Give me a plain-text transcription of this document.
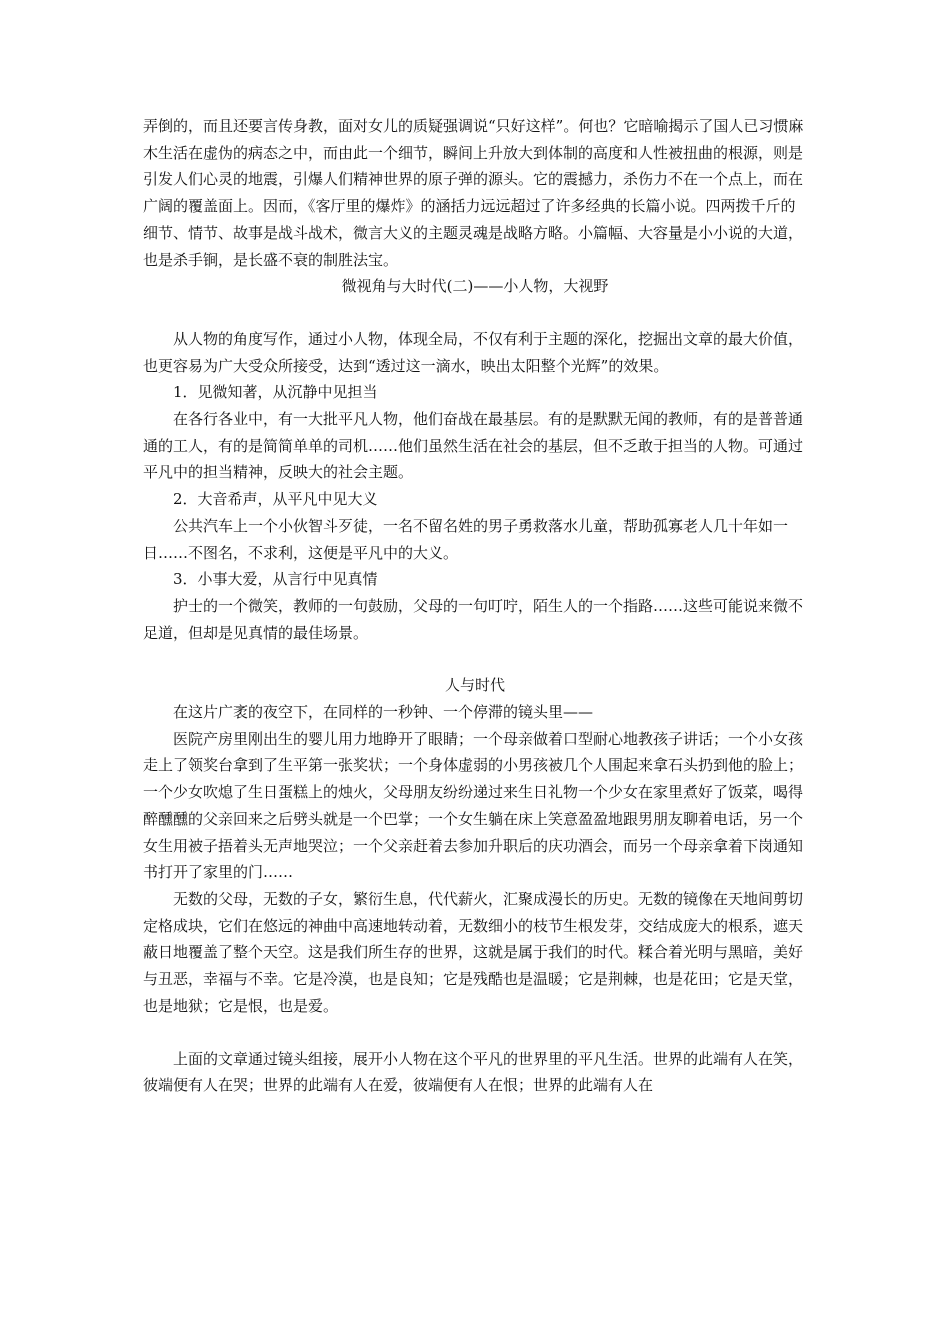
弄倒的，而且还要言传身教，面对女儿的质疑强调说“只好这样”。何也？它暗喻揭示了国人已习惯麻木生活在虚伪的病态之中，而由此一个细节，瞬间上升放大到体制的高度和人性被扭曲的根源，则是引发人们心灵的地震，引爆人们精神世界的原子弹的源头。它的震撼力，杀伤力不在一个点上，而在广阔的覆盖面上。因而，《客厅里的爆炸》的涵括力远远超过了许多经典的长篇小说。四两拨千斤的细节、情节、故事是战斗战术，微言大义的主题灵魂是战略方略。小篇幅、大容量是小小说的大道，也是杀手锏，是长盛不衰的制胜法宝。

微视角与大时代(二)——小人物，大视野

从人物的角度写作，通过小人物，体现全局，不仅有利于主题的深化，挖掘出文章的最大价值，也更容易为广大受众所接受，达到“透过这一滴水，映出太阳整个光辉”的效果。

1．见微知著，从沉静中见担当

在各行各业中，有一大批平凡人物，他们奋战在最基层。有的是默默无闻的教师，有的是普普通通的工人，有的是简简单单的司机……他们虽然生活在社会的基层，但不乏敢于担当的人物。可通过平凡中的担当精神，反映大的社会主题。

2．大音希声，从平凡中见大义

公共汽车上一个小伙智斗歹徒，一名不留名姓的男子勇救落水儿童，帮助孤寡老人几十年如一日……不图名，不求利，这便是平凡中的大义。

3．小事大爱，从言行中见真情

护士的一个微笑，教师的一句鼓励，父母的一句叮咛，陌生人的一个指路……这些可能说来微不足道，但却是见真情的最佳场景。

人与时代

在这片广袤的夜空下，在同样的一秒钟、一个停滞的镜头里——

医院产房里刚出生的婴儿用力地睁开了眼睛；一个母亲做着口型耐心地教孩子讲话；一个小女孩走上了领奖台拿到了生平第一张奖状；一个身体虚弱的小男孩被几个人围起来拿石头扔到他的脸上；一个少女吹熄了生日蛋糕上的烛火，父母朋友纷纷递过来生日礼物一个少女在家里煮好了饭菜，喝得醉醺醺的父亲回来之后劈头就是一个巴掌；一个女生躺在床上笑意盈盈地跟男朋友聊着电话，另一个女生用被子捂着头无声地哭泣；一个父亲赶着去参加升职后的庆功酒会，而另一个母亲拿着下岗通知书打开了家里的门……

无数的父母，无数的子女，繁衍生息，代代薪火，汇聚成漫长的历史。无数的镜像在天地间剪切定格成块，它们在悠远的神曲中高速地转动着，无数细小的枝节生根发芽，交结成庞大的根系，遮天蔽日地覆盖了整个天空。这是我们所生存的世界，这就是属于我们的时代。糅合着光明与黑暗，美好与丑恶，幸福与不幸。它是冷漠，也是良知；它是残酷也是温暖；它是荆棘，也是花田；它是天堂，也是地狱；它是恨，也是爱。

上面的文章通过镜头组接，展开小人物在这个平凡的世界里的平凡生活。世界的此端有人在笑，彼端便有人在哭；世界的此端有人在爱，彼端便有人在恨；世界的此端有人在
